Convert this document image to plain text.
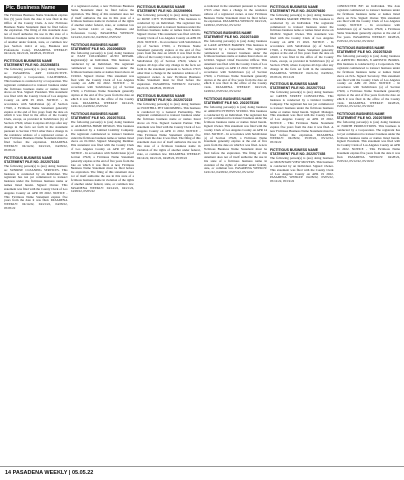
Pic. Business Name

The Fictitious Business Name Statement expires five (5) years from the date it was filed in the Office of the County Clerk. A new Fictitious Business Name Statement must be filed before the expiration. The filing of this statement does not of itself authorize the use in this state of a fictitious business name in violation of the rights of another under federal, state, or common law (see Section 14411 et seq., Business and Professions Code). PASADENA WEEKLY: 04/14/22, 04/21/22, 04/28/22, 05/05/22

FICTITIOUS BUSINESS NAME STATEMENT FILE NO. 2022068874

The following person(s) is (are) doing business as: PASADENA ART COLLECTIVE. Registrant(s): a Corporation, CALIFORNIA. This business is conducted by a Corporation. The registrant commenced to transact business under the fictitious business name or names listed above on N/A. Signed: President. This statement was filed with the County Clerk of Los Angeles County on APR 05 2022. NOTICE - In accordance with Subdivision (a) of Section 17920, a Fictitious Name Statement generally expires at the end of five years from the date on which it was filed in the office of the County Clerk, except, as provided in Subdivision (b) of Section 17920, where it expires 40 days after any change in the facts set forth in the statement pursuant to Section 17913 other than a change in the residence address of a registered owner. A new Fictitious Business Name Statement must be filed before the expiration. PASADENA WEEKLY: 04/14/22, 04/21/22, 04/28/22, 05/05/22

FICTITIOUS BUSINESS NAME STATEMENT FILE NO. 2022071022

The following person(s) is (are) doing business as: SUNRISE CLEANING SERVICES. This business is conducted by an Individual. The registrant has not yet commenced to transact business under the fictitious business name or names listed herein. Signed: Owner. This statement was filed with the County Clerk of Los Angeles County on APR 08 2022. NOTICE - This Fictitious Name Statement expires five years from the date it was filed. PASADENA WEEKLY: 04/14/22, 04/21/22, 04/28/22, 05/05/22

of a registered owner, a new Fictitious Business Name Statement must be filed before the expiration. The filing of this statement does not of itself authorize the use in this state of a fictitious business name in violation of the rights of another under federal, state, or common law (see Section 14411 et seq., Business and Professions Code). PASADENA WEEKLY: 04/14/22, 04/21/22, 04/28/22, 05/05/22

FICTITIOUS BUSINESS NAME STATEMENT FILE NO. 2022068520

The following person(s) is (are) doing business as: EAST COLORADO AUTO REPAIR. Registrant(s): an Individual. This business is conducted by an Individual. The registrant commenced to transact business under the fictitious business name or names listed above on 03/2022. Signed: Owner. This statement was filed with the County Clerk of Los Angeles County on APR 04 2022. NOTICE - In accordance with Subdivision (a) of Section 17920, a Fictitious Name Statement generally expires at the end of five years from the date on which it was filed in the office of the County Clerk. PASADENA WEEKLY: 04/14/22, 04/21/22, 04/28/22, 05/05/22

FICTITIOUS BUSINESS NAME STATEMENT FILE NO. 2022070311

The following person(s) is (are) doing business as: ALTADENA HOME DESIGN. This business is conducted by a Limited Liability Company. The registrant commenced to transact business under the fictitious business name or names listed above on 01/2022. Signed: Managing Member. This statement was filed with the County Clerk of Los Angeles County on APR 07 2022. NOTICE - In accordance with Subdivision (a) of Section 17920, a Fictitious Name Statement generally expires at the end of five years from the date on which it was filed. A new Fictitious Business Name Statement must be filed before the expiration. The filing of this statement does not of itself authorize the use in this state of a fictitious business name in violation of the rights of another under federal, state, or common law. PASADENA WEEKLY: 04/14/22, 04/21/22, 04/28/22, 05/05/22

FICTITIOUS BUSINESS NAME STATEMENT FILE NO. 2022069904

The following person(s) is (are) doing business as: ROSE CITY TUTORING. This business is conducted by an Individual. The registrant has not yet commenced to transact business under the fictitious business name or names listed herein. Signed: Owner. This statement was filed with the County Clerk of Los Angeles County on APR 06 2022. NOTICE - In accordance with Subdivision (a) of Section 17920, a Fictitious Name Statement generally expires at the end of five years from the date on which it was filed in the office of the County Clerk, except, as provided in Subdivision (b) of Section 17920, where it expires 40 days after any change in the facts set forth in the statement pursuant to Section 17913 other than a change in the residence address of a registered owner. A new Fictitious Business Name Statement must be filed before the expiration. PASADENA WEEKLY: 04/14/22, 04/21/22, 04/28/22, 05/05/22

FICTITIOUS BUSINESS NAME STATEMENT FILE NO. 2022072215

The following person(s) is (are) doing business as: FOOTHILL PET GROOMING. This business is conducted by a General Partnership. The registrant commenced to transact business under the fictitious business name or names listed above on N/A. Signed: General Partner. This statement was filed with the County Clerk of Los Angeles County on APR 11 2022. NOTICE - This Fictitious Name Statement expires five years from the date it was filed. The filing of this statement does not of itself authorize the use in this state of a fictitious business name in violation of the rights of another under federal, state, or common law. PASADENA WEEKLY: 04/14/22, 04/21/22, 04/28/22, 05/05/22

so indicated in the statement pursuant to Section 17913 other than a change in the residence address of a registered owner. A new Fictitious Business Name Statement must be filed before the expiration. PASADENA WEEKLY: 04/21/22, 04/28/22, 05/05/22, 05/12/22

FICTITIOUS BUSINESS NAME STATEMENT FILE NO. 2022074480

The following person(s) is (are) doing business as: LAKE AVENUE BAKERY. This business is conducted by a Corporation. The registrant commenced to transact business under the fictitious business name or names listed above on 02/2022. Signed: Chief Executive Officer. This statement was filed with the County Clerk of Los Angeles County on APR 13 2022. NOTICE - In accordance with Subdivision (a) of Section 17920, a Fictitious Name Statement generally expires at the end of five years from the date on which it was filed in the office of the County Clerk. PASADENA WEEKLY: 04/21/22, 04/28/22, 05/05/22, 05/12/22

FICTITIOUS BUSINESS NAME STATEMENT FILE NO. 2022075106

The following person(s) is (are) doing business as: ARROYO FITNESS STUDIO. This business is conducted by an Individual. The registrant has not yet commenced to transact business under the fictitious business name or names listed herein. Signed: Owner. This statement was filed with the County Clerk of Los Angeles County on APR 14 2022. NOTICE - In accordance with Subdivision (a) of Section 17920, a Fictitious Name Statement generally expires at the end of five years from the date on which it was filed. A new Fictitious Business Name Statement must be filed before the expiration. The filing of this statement does not of itself authorize the use in this state of a fictitious business name in violation of the rights of another under federal, state, or common law. PASADENA WEEKLY: 04/21/22, 04/28/22, 05/05/22, 05/12/22

FICTITIOUS BUSINESS NAME STATEMENT FILE NO. 2022076630

The following person(s) is (are) doing business as: SIERRA MADRE PHOTO. This business is conducted by an Individual. The registrant commenced to transact business under the fictitious business name or names listed above on 04/2022. Signed: Owner. This statement was filed with the County Clerk of Los Angeles County on APR 15 2022. NOTICE - In accordance with Subdivision (a) of Section 17920, a Fictitious Name Statement generally expires at the end of five years from the date on which it was filed in the office of the County Clerk, except, as provided in Subdivision (b) of Section 17920, where it expires 40 days after any change in the facts set forth in the statement. PASADENA WEEKLY: 04/21/22, 04/28/22, 05/05/22, 05/12/22

FICTITIOUS BUSINESS NAME STATEMENT FILE NO. 2022077012

The following person(s) is (are) doing business as: GREEN STREET CONSULTING. This business is conducted by a Limited Liability Company. The registrant has not yet commenced to transact business under the fictitious business name or names listed herein. Signed: Manager. This statement was filed with the County Clerk of Los Angeles County on APR 18 2022. NOTICE - This Fictitious Name Statement expires five years from the date it was filed. A new Fictitious Business Name Statement must be filed before the expiration. PASADENA WEEKLY: 04/28/22, 05/05/22, 05/12/22, 05/19/22

FICTITIOUS BUSINESS NAME STATEMENT FILE NO. 2022077458

The following person(s) is (are) doing business as: MOUNTAIN VIEW MOVERS. This business is conducted by an Individual. Signed: Owner. This statement was filed with the County Clerk of Los Angeles County on APR 19 2022. PASADENA WEEKLY: 04/28/22, 05/05/22, 05/12/22, 05/19/22

CONDUCTED BY: an Individual. The date registrant commenced to transact business under the fictitious business name or names listed above on N/A. Signed: Owner. This statement was filed with the County Clerk of Los Angeles County. NOTICE - In accordance with Subdivision (a) of Section 17920, a Fictitious Name Statement generally expires at the end of five years. PASADENA WEEKLY: 04/28/22, 05/05/22, 05/12/22, 05/19/22

FICTITIOUS BUSINESS NAME STATEMENT FILE NO. 2022078240

The following person(s) is (are) doing business as: ARTISTIC BOOKS, 8 ARTISTIC BOOKS. This business is conducted by a Corporation. The registrant commenced to transact business under the fictitious business name or names listed above on N/A. Signed: Secretary. This statement was filed with the County Clerk of Los Angeles County on APR 20 2022. NOTICE - In accordance with Subdivision (a) of Section 17920, a Fictitious Name Statement generally expires at the end of five years from the date on which it was filed in the office of the County Clerk. PASADENA WEEKLY: 04/28/22, 05/05/22, 05/12/22, 05/19/22

FICTITIOUS BUSINESS NAME STATEMENT FILE NO. 2022078995

The following person(s) is (are) doing business as: NORTH PRODUCTIONS. This business is conducted by a Corporation. The registrant has not yet commenced to transact business under the fictitious business name or names listed herein. Signed: President. This statement was filed with the County Clerk of Los Angeles County on APR 21 2022. NOTICE - This Fictitious Name Statement expires five years from the date it was filed. PASADENA WEEKLY: 04/28/22, 05/05/22, 05/12/22, 05/19/22

14 PASADENA WEEKLY | 05.05.22
